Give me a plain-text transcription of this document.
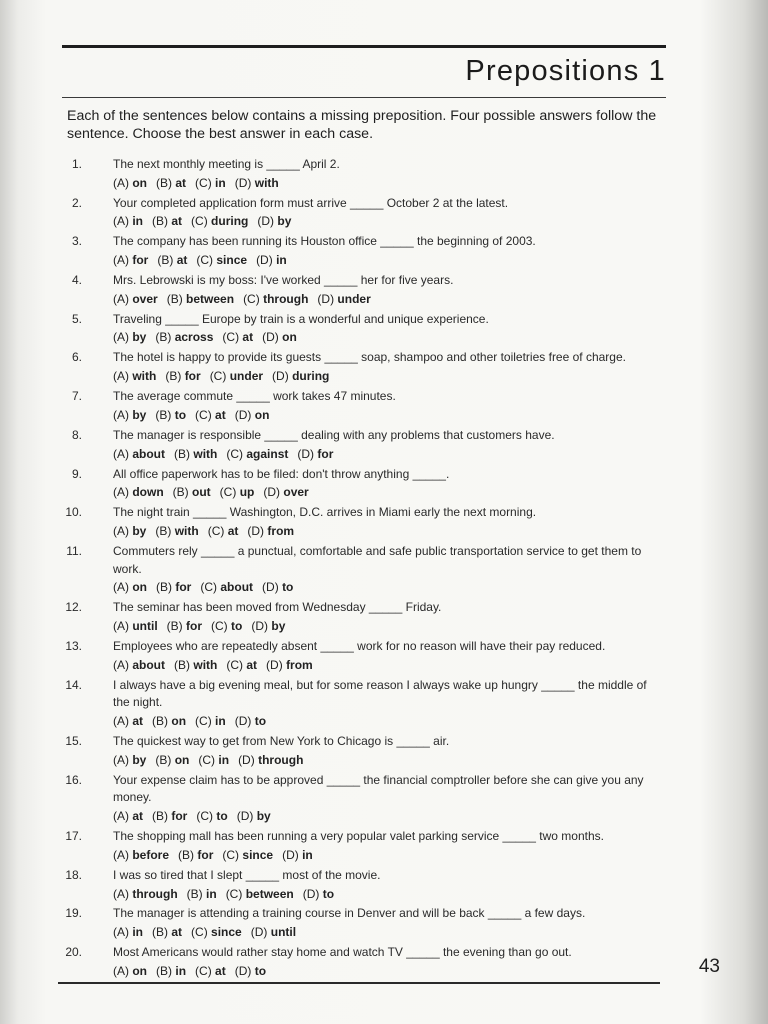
Prepositions 1
Each of the sentences below contains a missing preposition. Four possible answers follow the sentence. Choose the best answer in each case.
1.	The next monthly meeting is _____ April 2.
(A) on (B) at (C) in (D) with
2.	Your completed application form must arrive _____ October 2 at the latest.
(A) in (B) at (C) during (D) by
3.	The company has been running its Houston office _____ the beginning of 2003.
(A) for (B) at (C) since (D) in
4.	Mrs. Lebrowski is my boss: I've worked _____ her for five years.
(A) over (B) between (C) through (D) under
5.	Traveling _____ Europe by train is a wonderful and unique experience.
(A) by (B) across (C) at (D) on
6.	The hotel is happy to provide its guests _____ soap, shampoo and other toiletries free of charge.
(A) with (B) for (C) under (D) during
7.	The average commute _____ work takes 47 minutes.
(A) by (B) to (C) at (D) on
8.	The manager is responsible _____ dealing with any problems that customers have.
(A) about (B) with (C) against (D) for
9.	All office paperwork has to be filed: don't throw anything _____.
(A) down (B) out (C) up (D) over
10.	The night train _____ Washington, D.C. arrives in Miami early the next morning.
(A) by (B) with (C) at (D) from
11.	Commuters rely _____ a punctual, comfortable and safe public transportation service to get them to work.
(A) on (B) for (C) about (D) to
12.	The seminar has been moved from Wednesday _____ Friday.
(A) until (B) for (C) to (D) by
13.	Employees who are repeatedly absent _____ work for no reason will have their pay reduced.
(A) about (B) with (C) at (D) from
14.	I always have a big evening meal, but for some reason I always wake up hungry _____ the middle of the night.
(A) at (B) on (C) in (D) to
15.	The quickest way to get from New York to Chicago is _____ air.
(A) by (B) on (C) in (D) through
16.	Your expense claim has to be approved _____ the financial comptroller before she can give you any money.
(A) at (B) for (C) to (D) by
17.	The shopping mall has been running a very popular valet parking service _____ two months.
(A) before (B) for (C) since (D) in
18.	I was so tired that I slept _____ most of the movie.
(A) through (B) in (C) between (D) to
19.	The manager is attending a training course in Denver and will be back _____ a few days.
(A) in (B) at (C) since (D) until
20.	Most Americans would rather stay home and watch TV _____ the evening than go out.
(A) on (B) in (C) at (D) to	43
